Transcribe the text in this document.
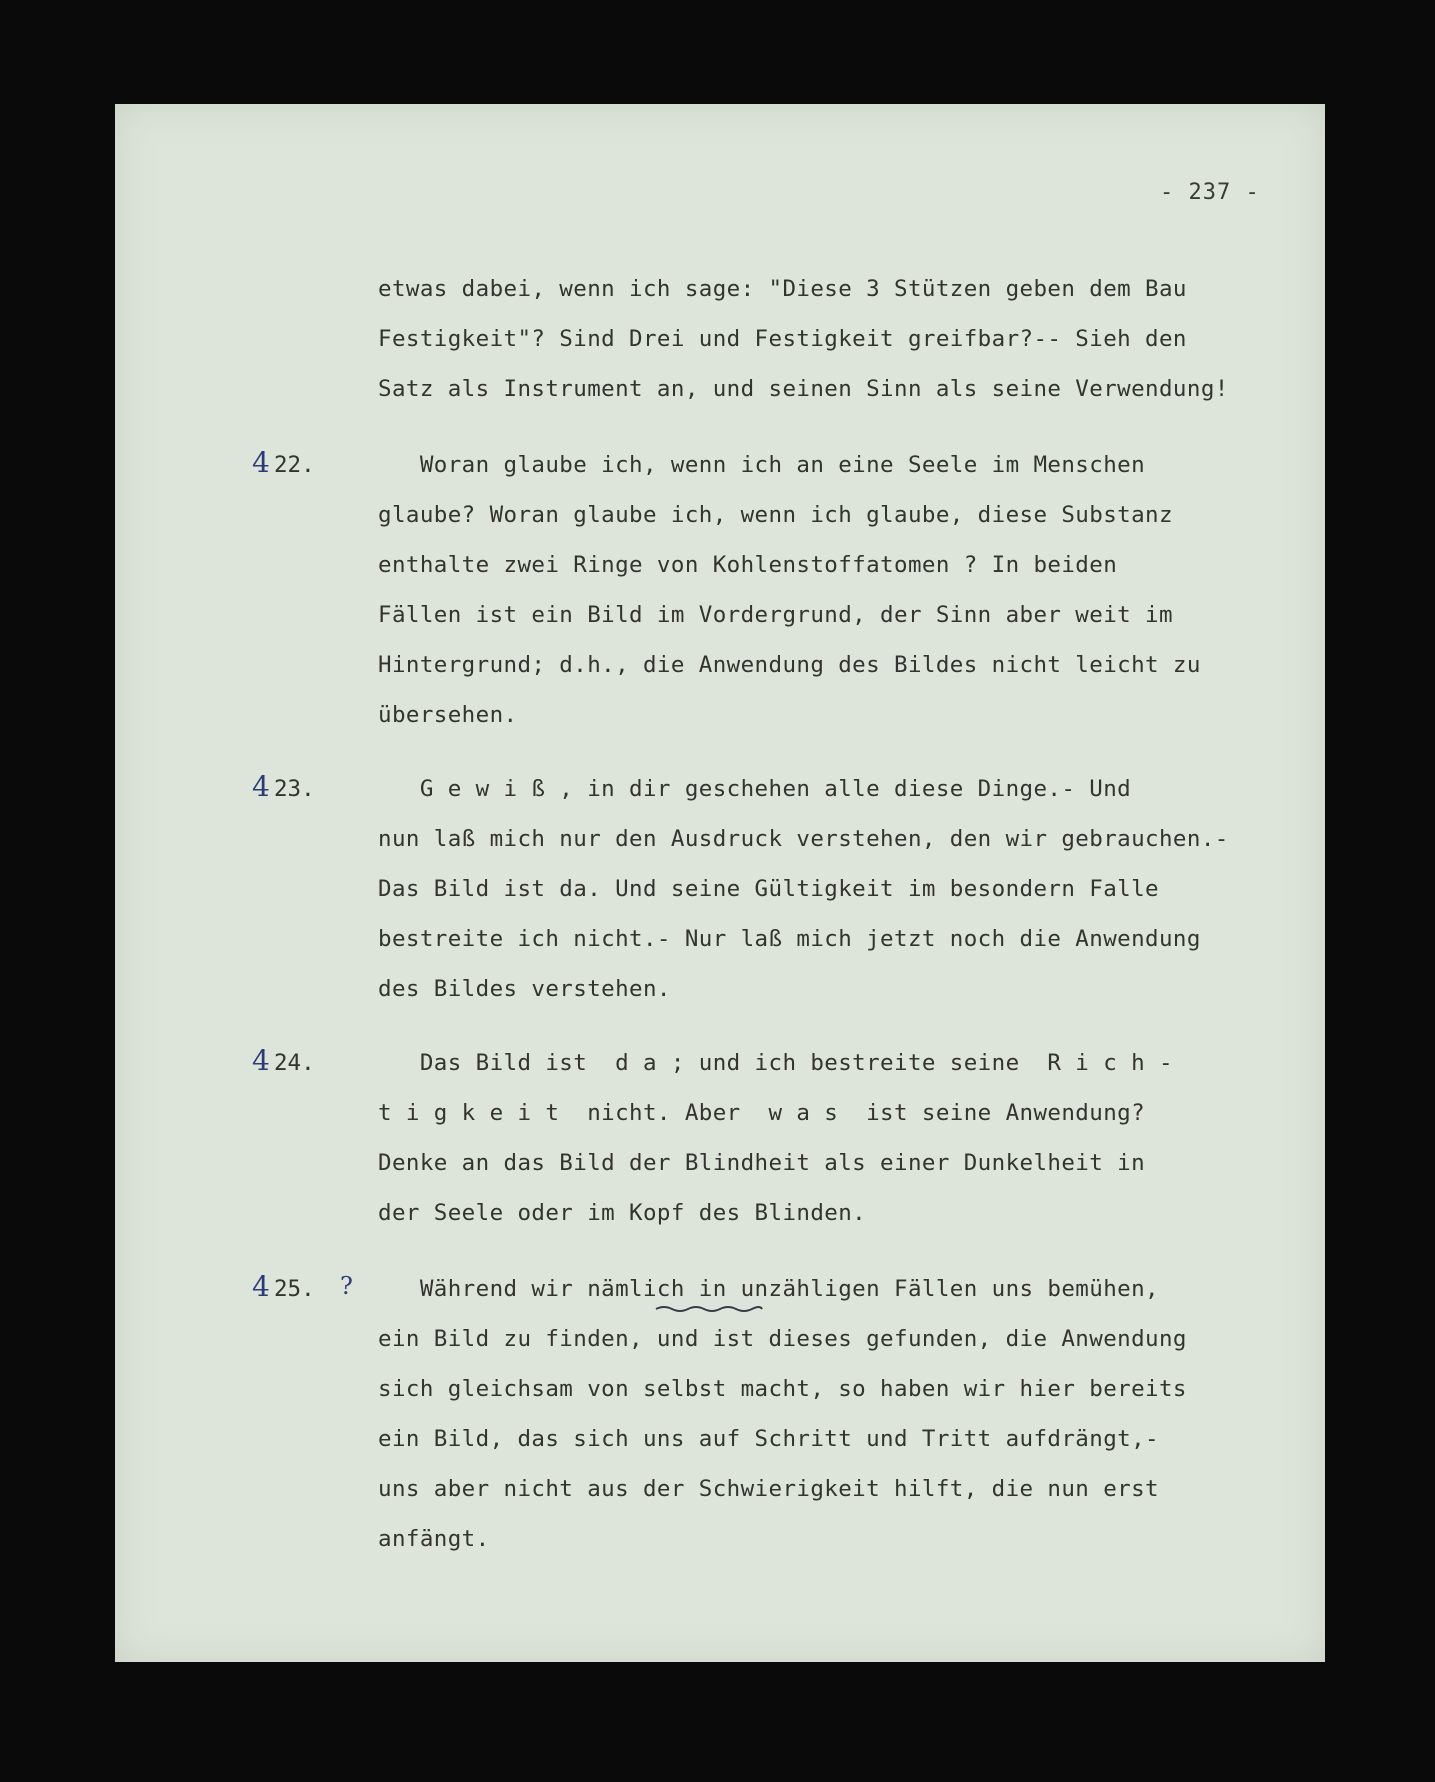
- 237 -
etwas dabei, wenn ich sage: "Diese 3 Stützen geben dem Bau
Festigkeit"? Sind Drei und Festigkeit greifbar?-- Sieh den
Satz als Instrument an, und seinen Sinn als seine Verwendung!
4 22.	Woran glaube ich, wenn ich an eine Seele im Menschen
glaube? Woran glaube ich, wenn ich glaube, diese Substanz
enthalte zwei Ringe von Kohlenstoffatomen ? In beiden
Fällen ist ein Bild im Vordergrund, der Sinn aber weit im
Hintergrund; d.h., die Anwendung des Bildes nicht leicht zu
übersehen.
4 23.	G e w i ß , in dir geschehen alle diese Dinge.- Und
nun laß mich nur den Ausdruck verstehen, den wir gebrauchen.-
Das Bild ist da. Und seine Gültigkeit im besondern Falle
bestreite ich nicht.- Nur laß mich jetzt noch die Anwendung
des Bildes verstehen.
4 24.	Das Bild ist  d a ; und ich bestreite seine  R i c h -
t i g k e i t  nicht. Aber  w a s  ist seine Anwendung?
Denke an das Bild der Blindheit als einer Dunkelheit in
der Seele oder im Kopf des Blinden.
4 25. ? Während wir nämlich in unzähligen Fällen uns bemühen,
ein Bild zu finden, und ist dieses gefunden, die Anwendung
sich gleichsam von selbst macht, so haben wir hier bereits
ein Bild, das sich uns auf Schritt und Tritt aufdrängt,-
uns aber nicht aus der Schwierigkeit hilft, die nun erst
anfängt.
